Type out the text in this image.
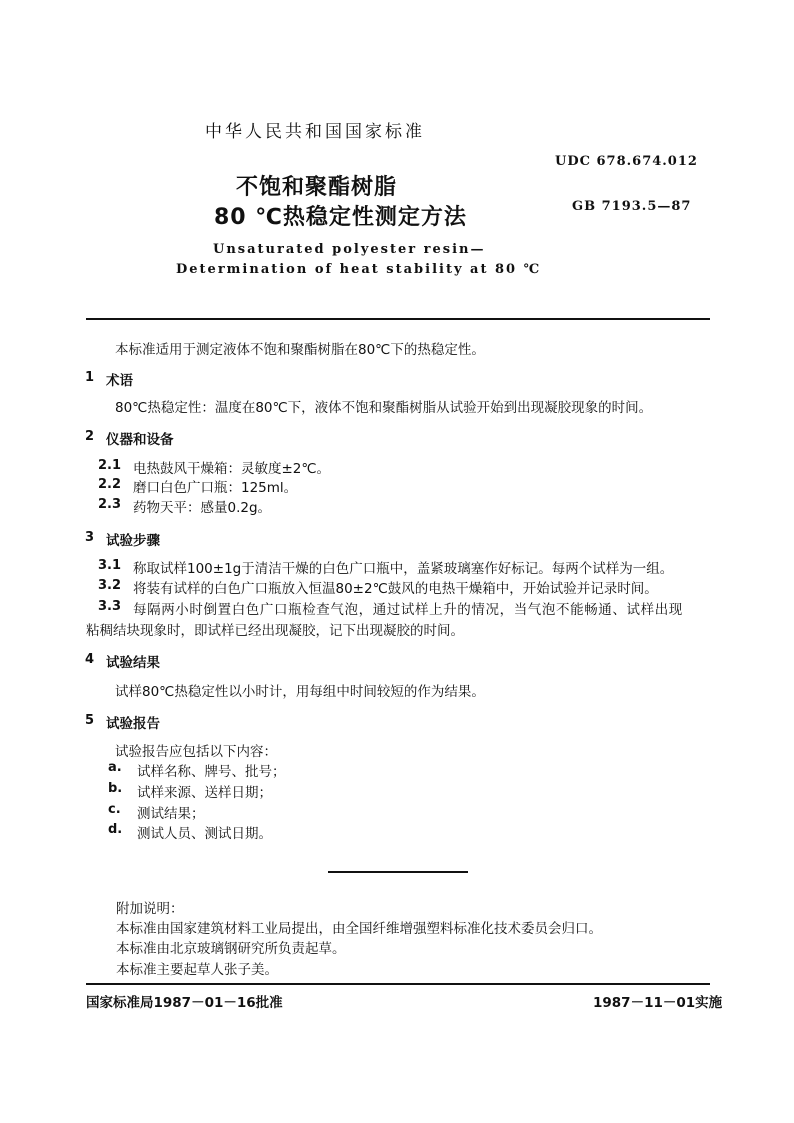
中华人民共和国国家标准
不饱和聚酯树脂
80 ℃热稳定性测定方法
UDC 678.674.012
GB 7193.5—87
Unsaturated polyester resin—
Determination of heat stability at 80 ℃
本标准适用于测定液体不饱和聚酯树脂在80℃下的热稳定性。
1 术语
80℃热稳定性：温度在80℃下，液体不饱和聚酯树脂从试验开始到出现凝胶现象的时间。
2 仪器和设备
2.1 电热鼓风干燥箱：灵敏度±2℃。
2.2 磨口白色广口瓶：125ml。
2.3 药物天平：感量0.2g。
3 试验步骤
3.1 称取试样100±1g于清洁干燥的白色广口瓶中，盖紧玻璃塞作好标记。每两个试样为一组。
3.2 将装有试样的白色广口瓶放入恒温80±2℃鼓风的电热干燥箱中，开始试验并记录时间。
3.3 每隔两小时倒置白色广口瓶检查气泡，通过试样上升的情况，当气泡不能畅通、试样出现
粘稠结块现象时，即试样已经出现凝胶，记下出现凝胶的时间。
4 试验结果
试样80℃热稳定性以小时计，用每组中时间较短的作为结果。
5 试验报告
试验报告应包括以下内容：
a. 试样名称、牌号、批号；
b. 试样来源、送样日期；
c. 测试结果；
d. 测试人员、测试日期。
附加说明：
本标准由国家建筑材料工业局提出，由全国纤维增强塑料标准化技术委员会归口。
本标准由北京玻璃钢研究所负责起草。
本标准主要起草人张子美。
国家标准局1987－01－16批准	1987－11－01实施
